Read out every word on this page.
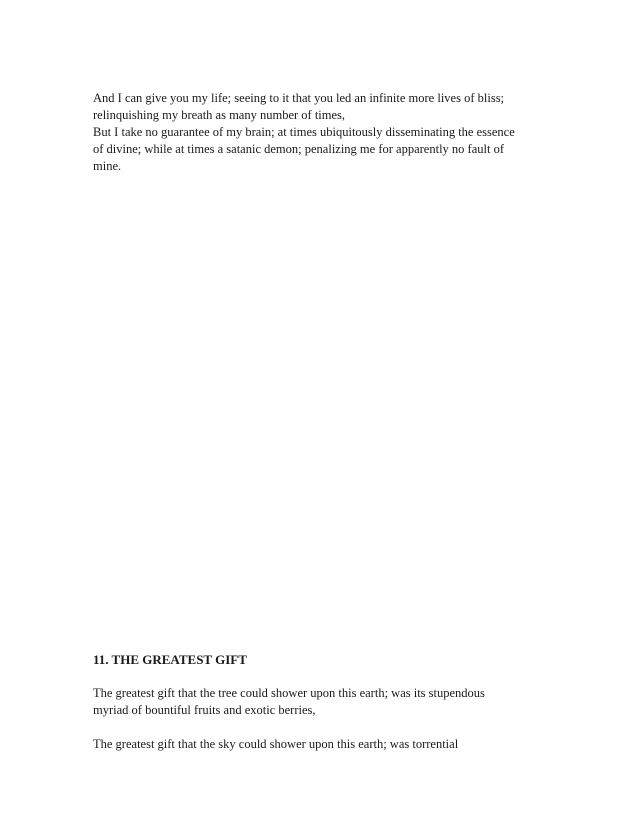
And I can give you my life; seeing to it that you led an infinite more lives of bliss;
relinquishing my breath as many number of times,
But I take no guarantee of my brain; at times ubiquitously disseminating the essence
of divine; while at times a satanic demon; penalizing me for apparently no fault of
mine.
11. THE GREATEST GIFT
The greatest gift that the tree could shower upon this earth; was its stupendous
myriad of bountiful fruits and exotic berries,
The greatest gift that the sky could shower upon this earth; was torrential
